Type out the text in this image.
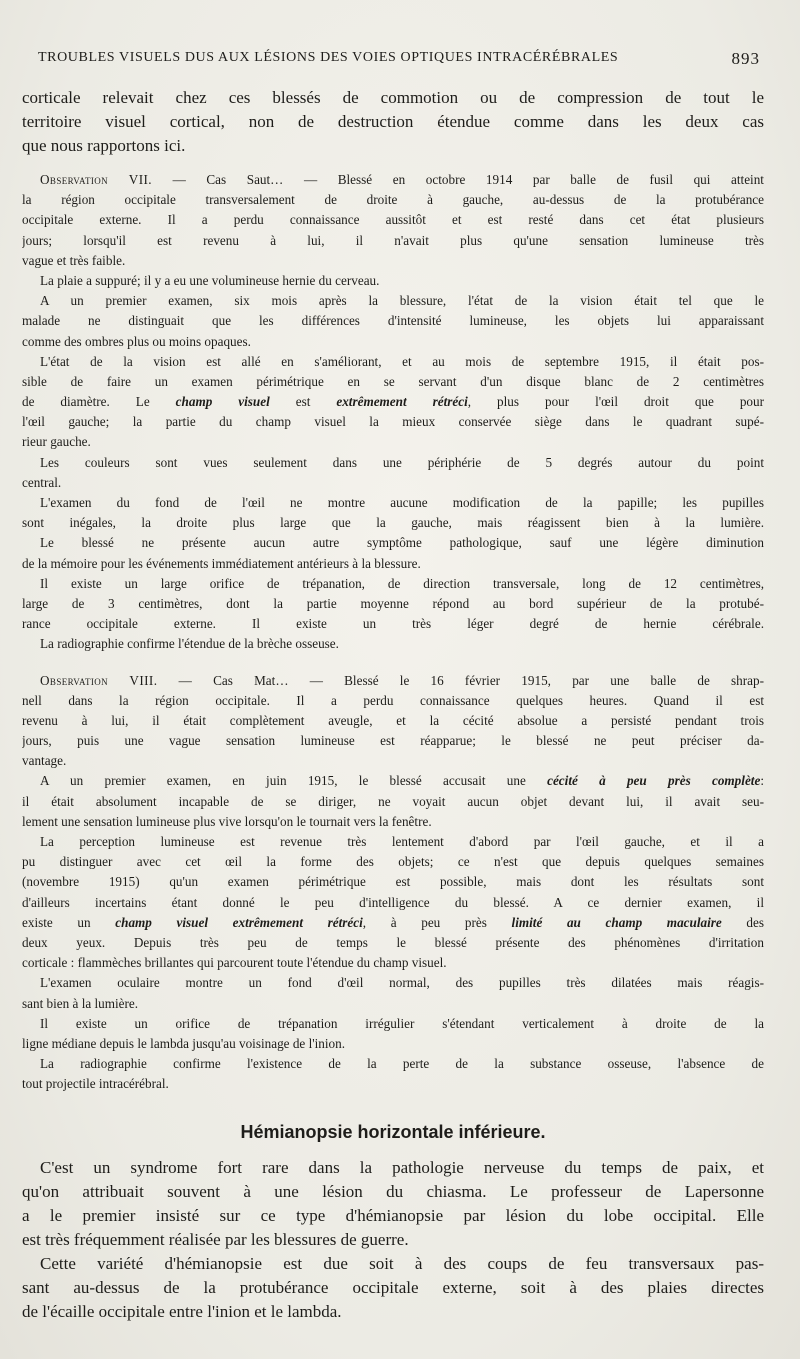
TROUBLES VISUELS DUS AUX LÉSIONS DES VOIES OPTIQUES INTRACÉRÉBRALES	893
corticale relevait chez ces blessés de commotion ou de compression de tout le
territoire visuel cortical, non de destruction étendue comme dans les deux cas
que nous rapportons ici.
Observation VII. — Cas Saut… — Blessé en octobre 1914 par balle de fusil qui atteint
la région occipitale transversalement de droite à gauche, au-dessus de la protubérance
occipitale externe. Il a perdu connaissance aussitôt et est resté dans cet état plusieurs
jours; lorsqu'il est revenu à lui, il n'avait plus qu'une sensation lumineuse très
vague et très faible.
La plaie a suppuré; il y a eu une volumineuse hernie du cerveau.
A un premier examen, six mois après la blessure, l'état de la vision était tel que le
malade ne distinguait que les différences d'intensité lumineuse, les objets lui apparaissant
comme des ombres plus ou moins opaques.
L'état de la vision est allé en s'améliorant, et au mois de septembre 1915, il était pos-
sible de faire un examen périmétrique en se servant d'un disque blanc de 2 centimètres
de diamètre. Le champ visuel est extrêmement rétréci, plus pour l'œil droit que pour
l'œil gauche; la partie du champ visuel la mieux conservée siège dans le quadrant supé-
rieur gauche.
Les couleurs sont vues seulement dans une périphérie de 5 degrés autour du point
central.
L'examen du fond de l'œil ne montre aucune modification de la papille; les pupilles
sont inégales, la droite plus large que la gauche, mais réagissent bien à la lumière.
Le blessé ne présente aucun autre symptôme pathologique, sauf une légère diminution
de la mémoire pour les événements immédiatement antérieurs à la blessure.
Il existe un large orifice de trépanation, de direction transversale, long de 12 centimètres,
large de 3 centimètres, dont la partie moyenne répond au bord supérieur de la protubé-
rance occipitale externe. Il existe un très léger degré de hernie cérébrale.
La radiographie confirme l'étendue de la brèche osseuse.
Observation VIII. — Cas Mat… — Blessé le 16 février 1915, par une balle de shrap-
nell dans la région occipitale. Il a perdu connaissance quelques heures. Quand il est
revenu à lui, il était complètement aveugle, et la cécité absolue a persisté pendant trois
jours, puis une vague sensation lumineuse est réapparue; le blessé ne peut préciser da-
vantage.
A un premier examen, en juin 1915, le blessé accusait une cécité à peu près complète:
il était absolument incapable de se diriger, ne voyait aucun objet devant lui, il avait seu-
lement une sensation lumineuse plus vive lorsqu'on le tournait vers la fenêtre.
La perception lumineuse est revenue très lentement d'abord par l'œil gauche, et il a
pu distinguer avec cet œil la forme des objets; ce n'est que depuis quelques semaines
(novembre 1915) qu'un examen périmétrique est possible, mais dont les résultats sont
d'ailleurs incertains étant donné le peu d'intelligence du blessé. A ce dernier examen, il
existe un champ visuel extrêmement rétréci, à peu près limité au champ maculaire des
deux yeux. Depuis très peu de temps le blessé présente des phénomènes d'irritation
corticale : flammèches brillantes qui parcourent toute l'étendue du champ visuel.
L'examen oculaire montre un fond d'œil normal, des pupilles très dilatées mais réagis-
sant bien à la lumière.
Il existe un orifice de trépanation irrégulier s'étendant verticalement à droite de la
ligne médiane depuis le lambda jusqu'au voisinage de l'inion.
La radiographie confirme l'existence de la perte de la substance osseuse, l'absence de
tout projectile intracérébral.
Hémianopsie horizontale inférieure.
C'est un syndrome fort rare dans la pathologie nerveuse du temps de paix, et
qu'on attribuait souvent à une lésion du chiasma. Le professeur de Lapersonne
a le premier insisté sur ce type d'hémianopsie par lésion du lobe occipital. Elle
est très fréquemment réalisée par les blessures de guerre.
Cette variété d'hémianopsie est due soit à des coups de feu transversaux pas-
sant au-dessus de la protubérance occipitale externe, soit à des plaies directes
de l'écaille occipitale entre l'inion et le lambda.
